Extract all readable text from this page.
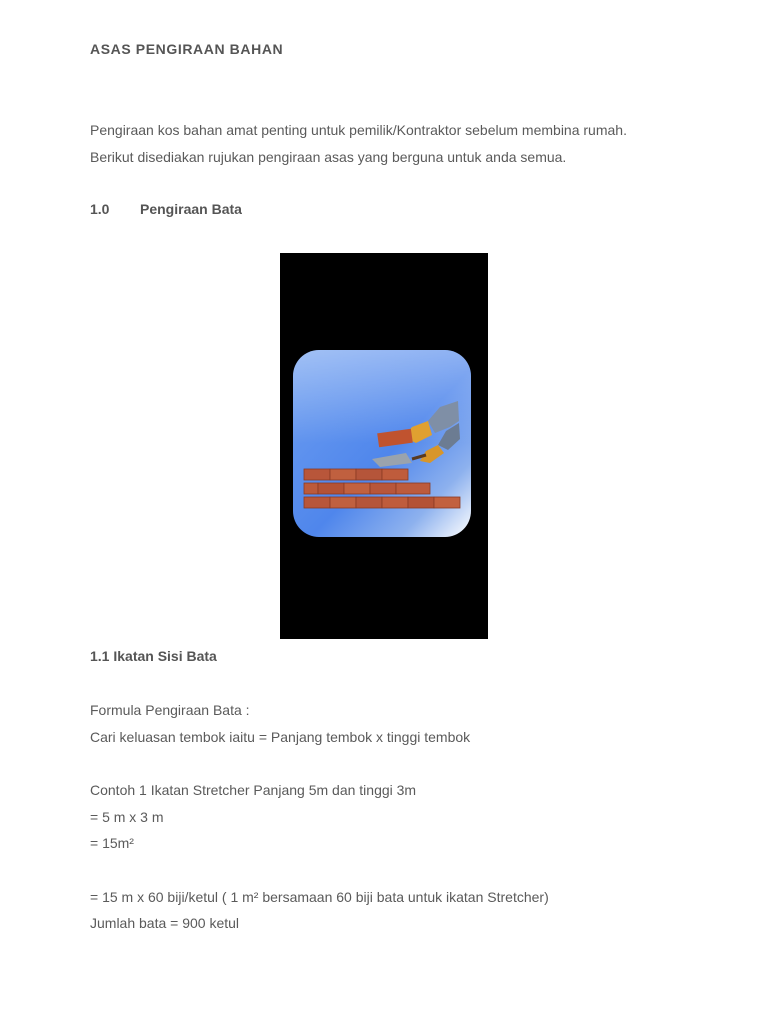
ASAS PENGIRAAN BAHAN
Pengiraan kos bahan amat penting untuk pemilik/Kontraktor sebelum membina rumah.
Berikut disediakan rujukan pengiraan asas yang berguna untuk anda semua.
1.0 Pengiraan Bata
1.1 Ikatan Sisi Bata
Formula Pengiraan Bata :
Cari keluasan tembok iaitu = Panjang tembok x tinggi tembok
Contoh 1 Ikatan Stretcher Panjang 5m dan tinggi 3m
= 5 m x 3 m
= 15m²
= 15 m x 60 biji/ketul ( 1 m² bersamaan 60 biji bata untuk ikatan Stretcher)
Jumlah bata = 900 ketul
